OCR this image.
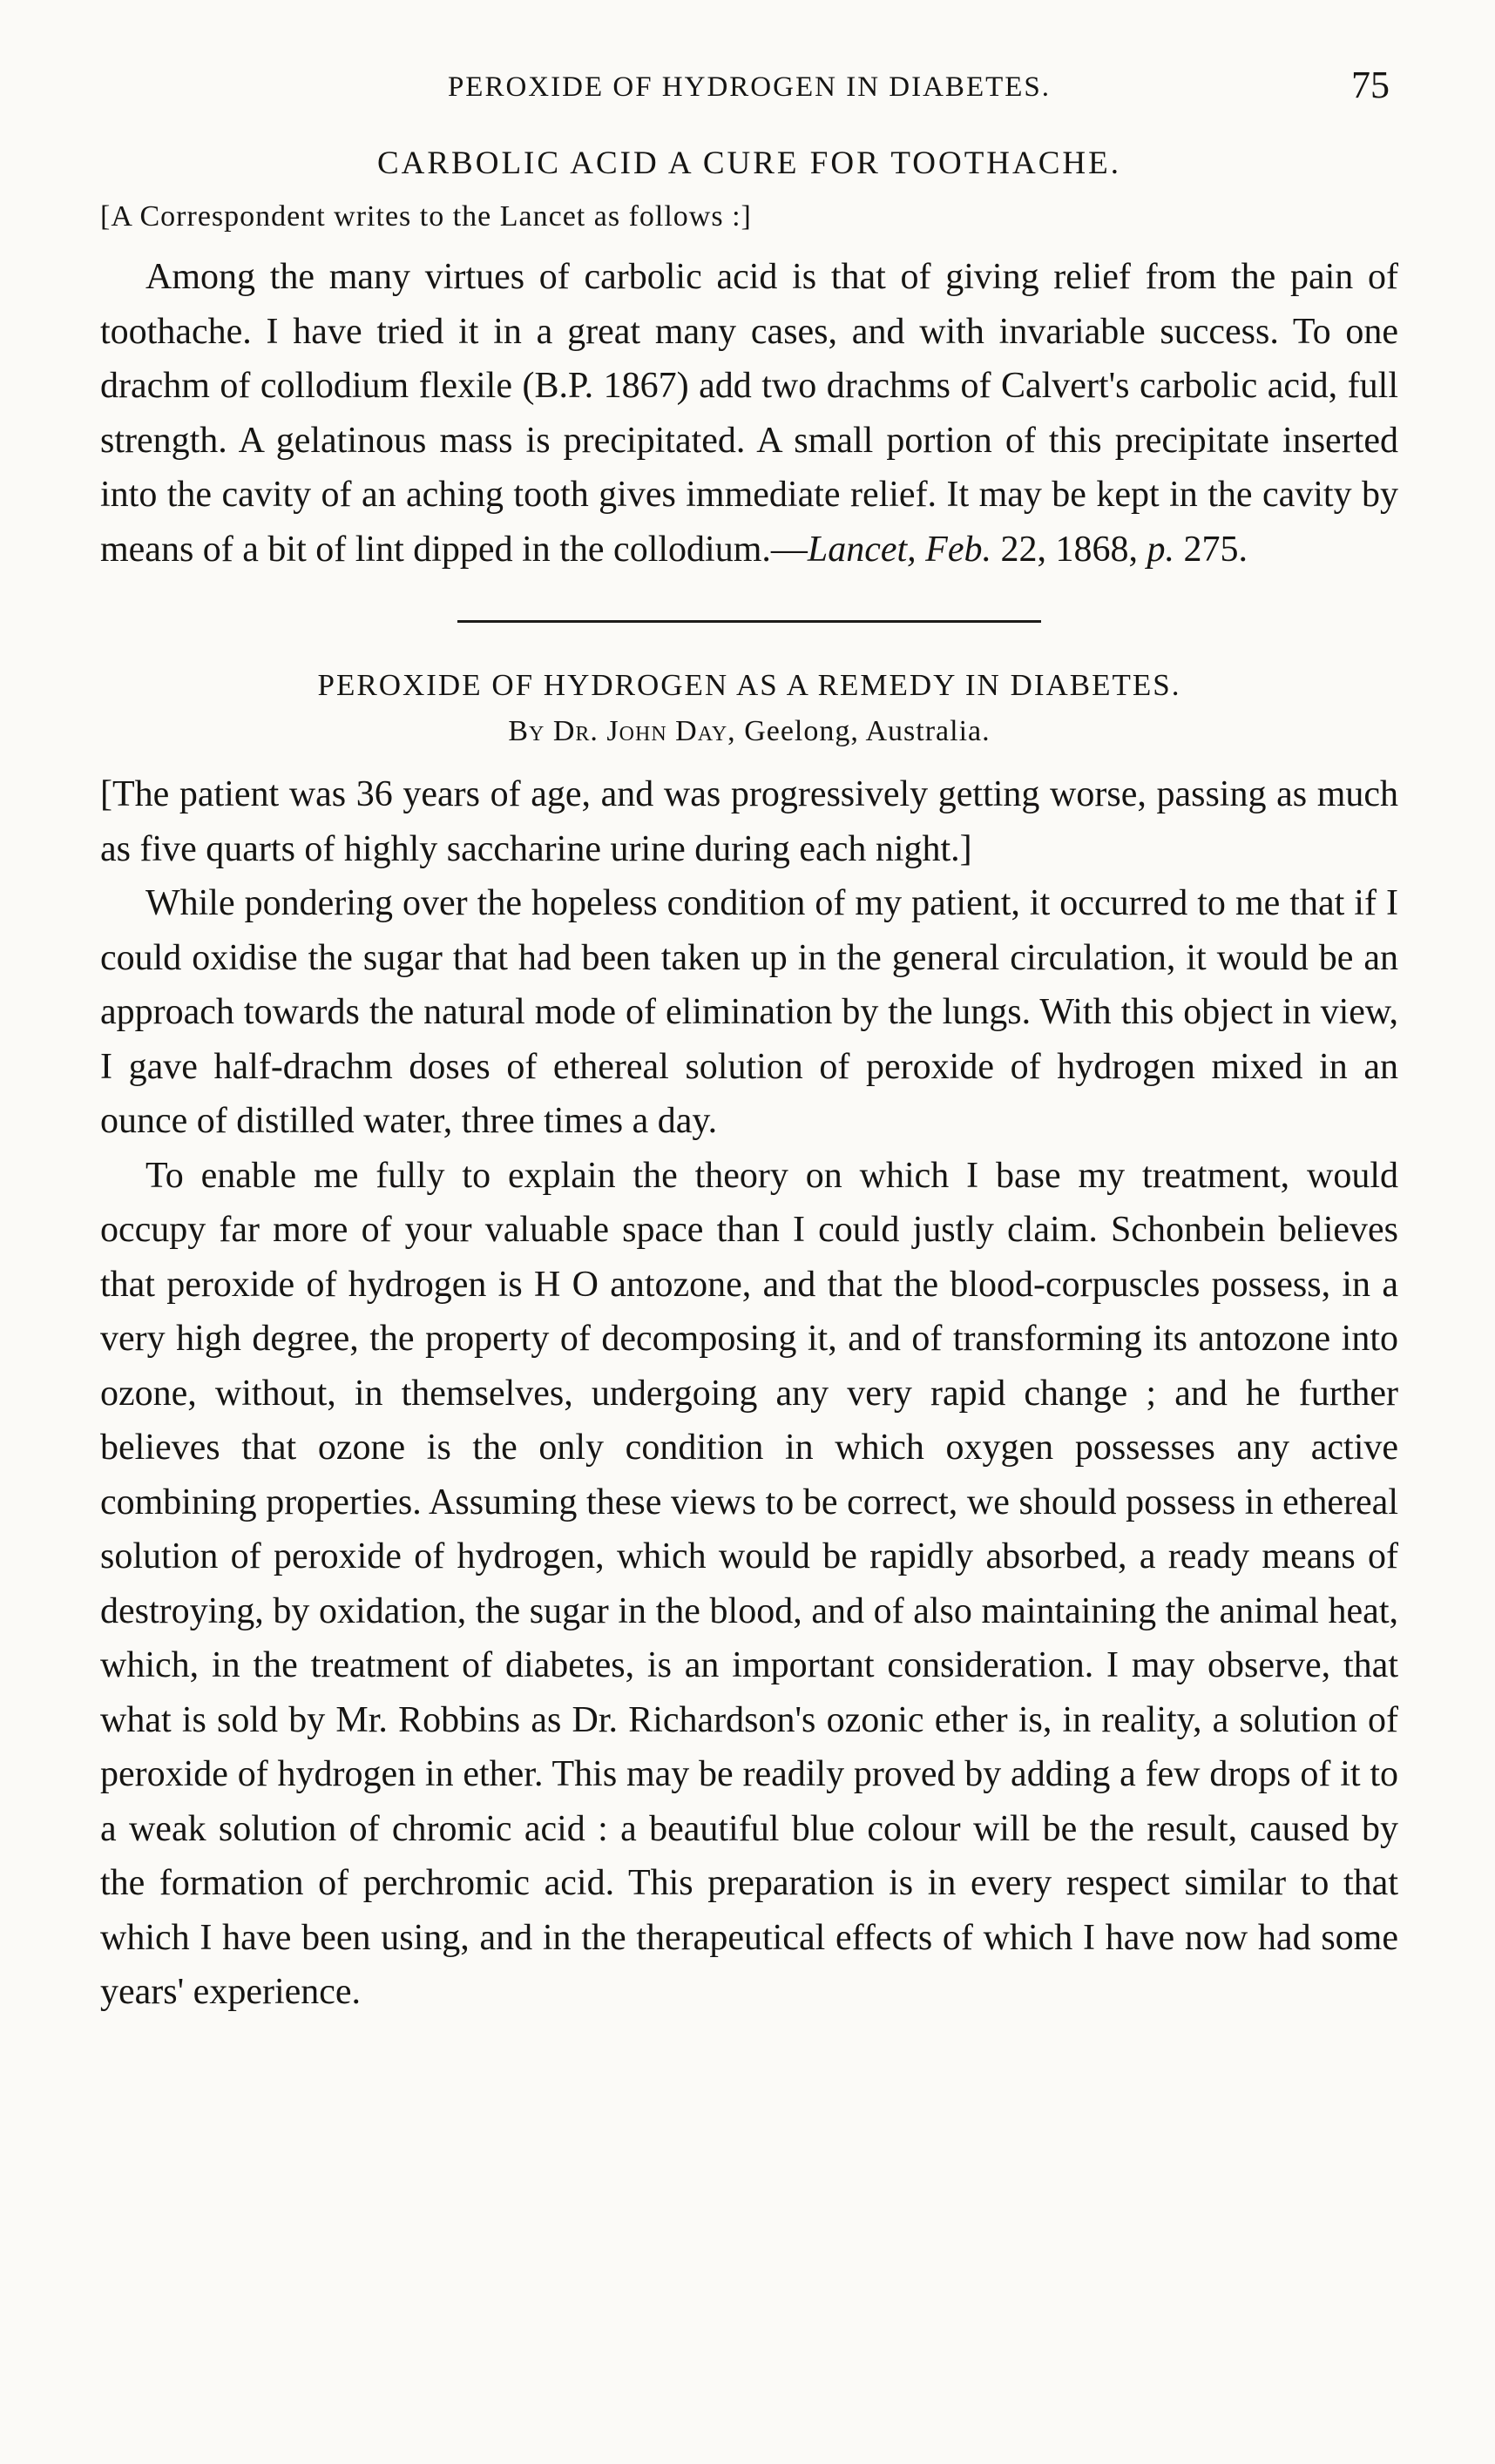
PEROXIDE OF HYDROGEN IN DIABETES.	75
CARBOLIC ACID A CURE FOR TOOTHACHE.
[A Correspondent writes to the Lancet as follows :]

Among the many virtues of carbolic acid is that of giving relief from the pain of toothache. I have tried it in a great many cases, and with invariable success. To one drachm of collodium flexile (B.P. 1867) add two drachms of Calvert's carbolic acid, full strength. A gelatinous mass is precipitated. A small portion of this precipitate inserted into the cavity of an aching tooth gives immediate relief. It may be kept in the cavity by means of a bit of lint dipped in the collodium.—Lancet, Feb. 22, 1868, p. 275.

PEROXIDE OF HYDROGEN AS A REMEDY IN DIABETES.
By Dr. John Day, Geelong, Australia.

[The patient was 36 years of age, and was progressively getting worse, passing as much as five quarts of highly saccharine urine during each night.]

While pondering over the hopeless condition of my patient, it occurred to me that if I could oxidise the sugar that had been taken up in the general circulation, it would be an approach towards the natural mode of elimination by the lungs. With this object in view, I gave half-drachm doses of ethereal solution of peroxide of hydrogen mixed in an ounce of distilled water, three times a day.

To enable me fully to explain the theory on which I base my treatment, would occupy far more of your valuable space than I could justly claim. Schonbein believes that peroxide of hydrogen is H O antozone, and that the blood-corpuscles possess, in a very high degree, the property of decomposing it, and of transforming its antozone into ozone, without, in themselves, undergoing any very rapid change ; and he further believes that ozone is the only condition in which oxygen possesses any active combining properties. Assuming these views to be correct, we should possess in ethereal solution of peroxide of hydrogen, which would be rapidly absorbed, a ready means of destroying, by oxidation, the sugar in the blood, and of also maintaining the animal heat, which, in the treatment of diabetes, is an important consideration. I may observe, that what is sold by Mr. Robbins as Dr. Richardson's ozonic ether is, in reality, a solution of peroxide of hydrogen in ether. This may be readily proved by adding a few drops of it to a weak solution of chromic acid : a beautiful blue colour will be the result, caused by the formation of perchromic acid. This preparation is in every respect similar to that which I have been using, and in the therapeutical effects of which I have now had some years' experience.
